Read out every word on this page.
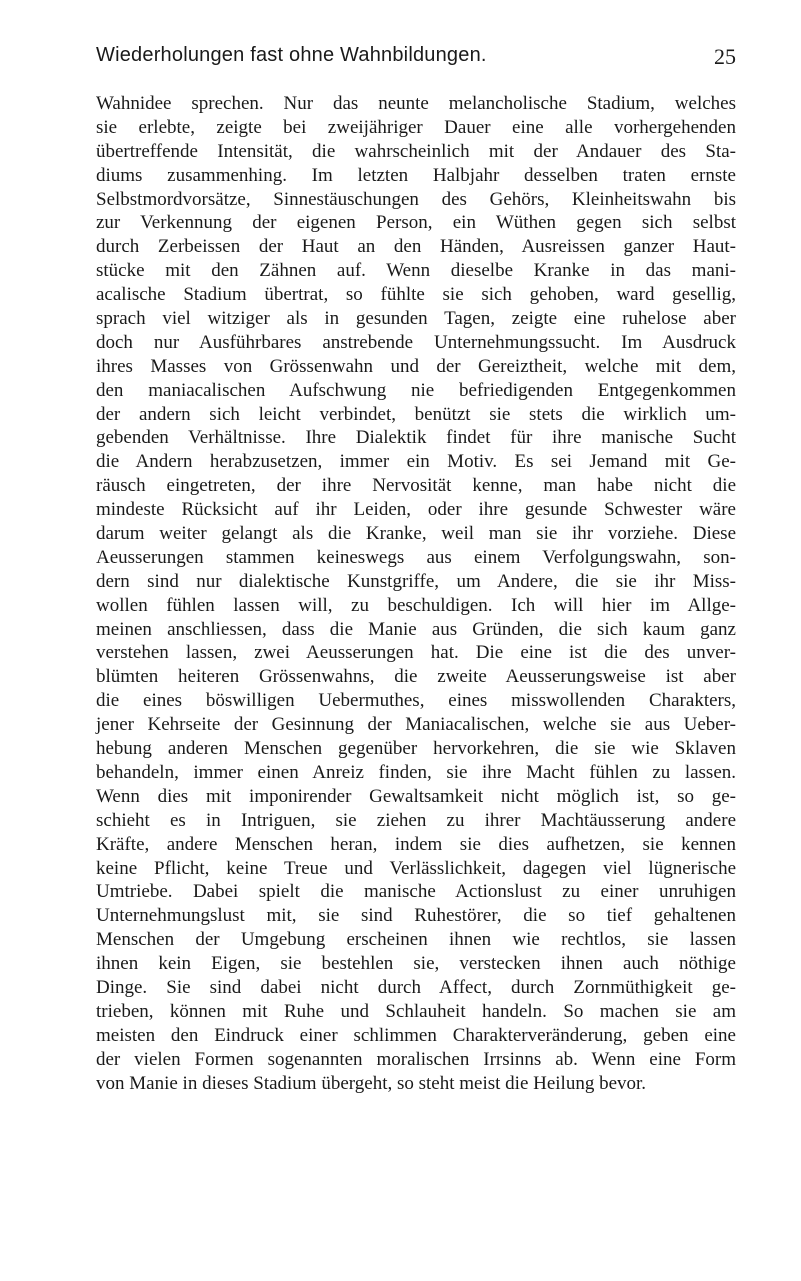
Wiederholungen fast ohne Wahnbildungen.	25
Wahnidee sprechen. Nur das neunte melancholische Stadium, welches
sie erlebte, zeigte bei zweijähriger Dauer eine alle vorhergehenden
übertreffende Intensität, die wahrscheinlich mit der Andauer des Sta-
diums zusammenhing. Im letzten Halbjahr desselben traten ernste
Selbstmordvorsätze, Sinnestäuschungen des Gehörs, Kleinheitswahn bis
zur Verkennung der eigenen Person, ein Wüthen gegen sich selbst
durch Zerbeissen der Haut an den Händen, Ausreissen ganzer Haut-
stücke mit den Zähnen auf. Wenn dieselbe Kranke in das mani-
acalische Stadium übertrat, so fühlte sie sich gehoben, ward gesellig,
sprach viel witziger als in gesunden Tagen, zeigte eine ruhelose aber
doch nur Ausführbares anstrebende Unternehmungssucht. Im Ausdruck
ihres Masses von Grössenwahn und der Gereiztheit, welche mit dem,
den maniacalischen Aufschwung nie befriedigenden Entgegenkommen
der andern sich leicht verbindet, benützt sie stets die wirklich um-
gebenden Verhältnisse. Ihre Dialektik findet für ihre manische Sucht
die Andern herabzusetzen, immer ein Motiv. Es sei Jemand mit Ge-
räusch eingetreten, der ihre Nervosität kenne, man habe nicht die
mindeste Rücksicht auf ihr Leiden, oder ihre gesunde Schwester wäre
darum weiter gelangt als die Kranke, weil man sie ihr vorziehe. Diese
Aeusserungen stammen keineswegs aus einem Verfolgungswahn, son-
dern sind nur dialektische Kunstgriffe, um Andere, die sie ihr Miss-
wollen fühlen lassen will, zu beschuldigen. Ich will hier im Allge-
meinen anschliessen, dass die Manie aus Gründen, die sich kaum ganz
verstehen lassen, zwei Aeusserungen hat. Die eine ist die des unver-
blümten heiteren Grössenwahns, die zweite Aeusserungsweise ist aber
die eines böswilligen Uebermuthes, eines misswollenden Charakters,
jener Kehrseite der Gesinnung der Maniacalischen, welche sie aus Ueber-
hebung anderen Menschen gegenüber hervorkehren, die sie wie Sklaven
behandeln, immer einen Anreiz finden, sie ihre Macht fühlen zu lassen.
Wenn dies mit imponirender Gewaltsamkeit nicht möglich ist, so ge-
schieht es in Intriguen, sie ziehen zu ihrer Machtäusserung andere
Kräfte, andere Menschen heran, indem sie dies aufhetzen, sie kennen
keine Pflicht, keine Treue und Verlässlichkeit, dagegen viel lügnerische
Umtriebe. Dabei spielt die manische Actionslust zu einer unruhigen
Unternehmungslust mit, sie sind Ruhestörer, die so tief gehaltenen
Menschen der Umgebung erscheinen ihnen wie rechtlos, sie lassen
ihnen kein Eigen, sie bestehlen sie, verstecken ihnen auch nöthige
Dinge. Sie sind dabei nicht durch Affect, durch Zornmüthigkeit ge-
trieben, können mit Ruhe und Schlauheit handeln. So machen sie am
meisten den Eindruck einer schlimmen Charakterveränderung, geben eine
der vielen Formen sogenannten moralischen Irrsinns ab. Wenn eine Form
von Manie in dieses Stadium übergeht, so steht meist die Heilung bevor.
